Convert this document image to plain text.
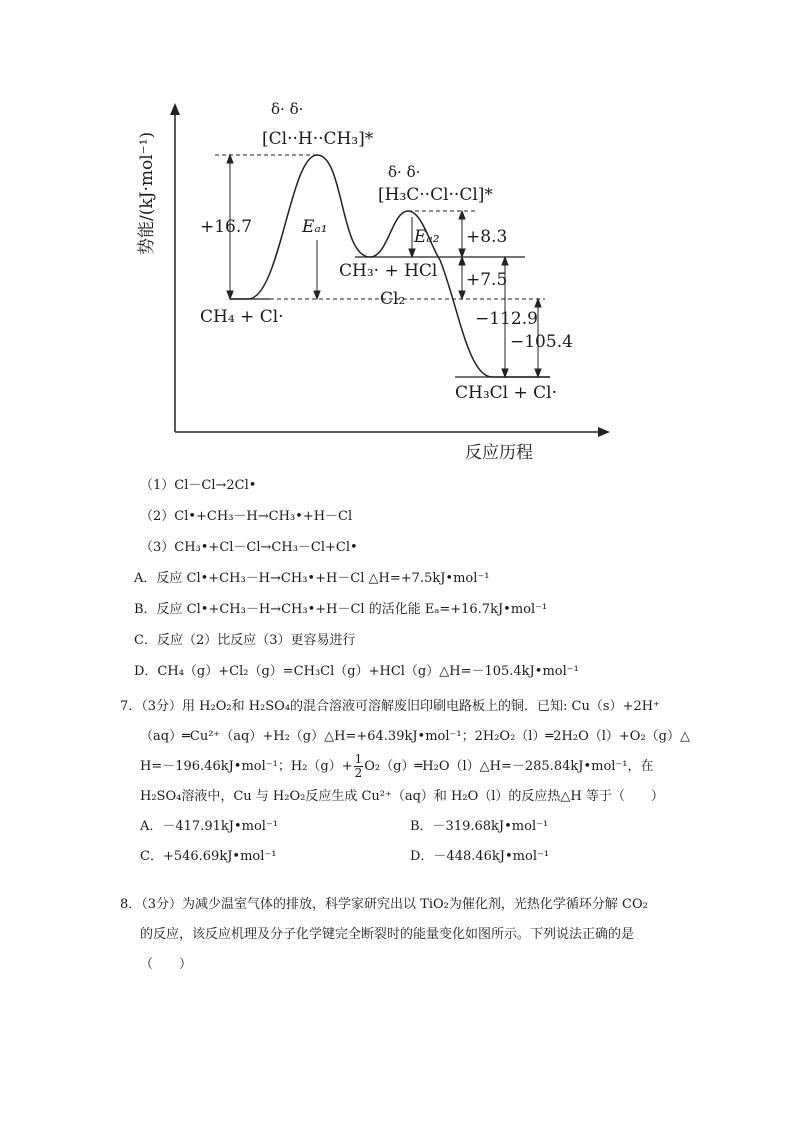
势能/(kJ·mol⁻¹)
反应历程
δ· δ·
[Cl··H··CH₃]*
δ· δ·
[H₃C··Cl··Cl]*
+16.7	Eₐ₁	Eₐ₂ +8.3
CH₃· + HCl +7.5
Cl₂
CH₄ + Cl·	−112.9
−105.4
CH₃Cl + Cl·
（1）Cl－Cl→2Cl•
（2）Cl•+CH₃－H→CH₃•+H－Cl
（3）CH₃•+Cl－Cl→CH₃－Cl+Cl•
A．反应 Cl•+CH₃－H→CH₃•+H－Cl △H=+7.5kJ•mol⁻¹
B．反应 Cl•+CH₃－H→CH₃•+H－Cl 的活化能 Eₐ=+16.7kJ•mol⁻¹
C．反应（2）比反应（3）更容易进行
D．CH₄（g）+Cl₂（g）=CH₃Cl（g）+HCl（g）△H=－105.4kJ•mol⁻¹
7．（3分）用 H₂O₂和 H₂SO₄的混合溶液可溶解废旧印刷电路板上的铜．已知: Cu（s）+2H⁺
（aq）═Cu²⁺（aq）+H₂（g）△H=+64.39kJ•mol⁻¹；2H₂O₂（l）═2H₂O（l）+O₂（g）△
H=－196.46kJ•mol⁻¹；$H_2(g)+ \frac{1}{2}$ O₂（g）═H₂O（l）△H=－285.84kJ•mol⁻¹，在
H₂SO₄溶液中，Cu 与 H₂O₂反应生成 Cu²⁺（aq）和 H₂O（l）的反应热△H 等于（　　）
A．－417.91kJ•mol⁻¹	B．－319.68kJ•mol⁻¹
C．+546.69kJ•mol⁻¹	D．－448.46kJ•mol⁻¹
8．（3分）为减少温室气体的排放，科学家研究出以 TiO₂为催化剂，光热化学循环分解 CO₂
的反应，该反应机理及分子化学键完全断裂时的能量变化如图所示。下列说法正确的是
（　　）
